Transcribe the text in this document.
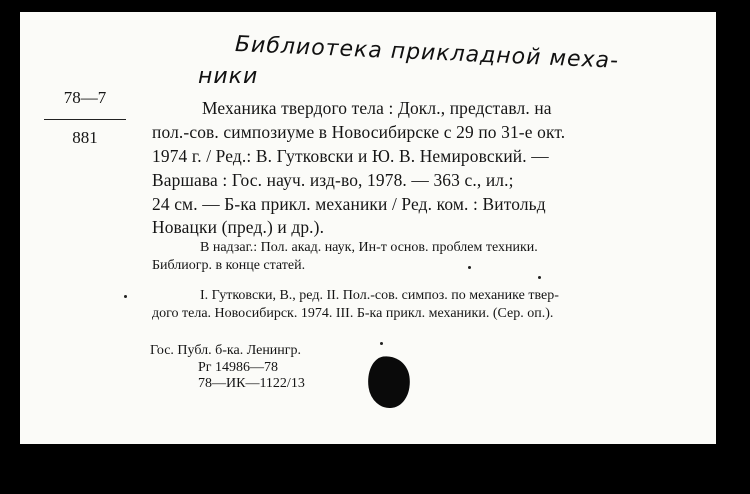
Библиотека прикладной меха-
ники
78—7
881
Механика твердого тела : Докл., представл. на
пол.-сов. симпозиуме в Новосибирске с 29 по 31-е окт.
1974 г. / Ред.: В. Гутковски и Ю. В. Немировский. —
Варшава : Гос. науч. изд-во, 1978. — 363 с., ил.;
24 см. — Б-ка прикл. механики / Ред. ком. : Витольд
Новацки (пред.) и др.).
В надзаг.: Пол. акад. наук, Ин-т основ. проблем техники.
Библиогр. в конце статей.
I. Гутковски, В., ред. II. Пол.-сов. симпоз. по механике твер-
дого тела. Новосибирск. 1974. III. Б-ка прикл. механики. (Сер. оп.).
Гос. Публ. б-ка. Ленингр.
Рг 14986—78
78—ИК—1122/13
